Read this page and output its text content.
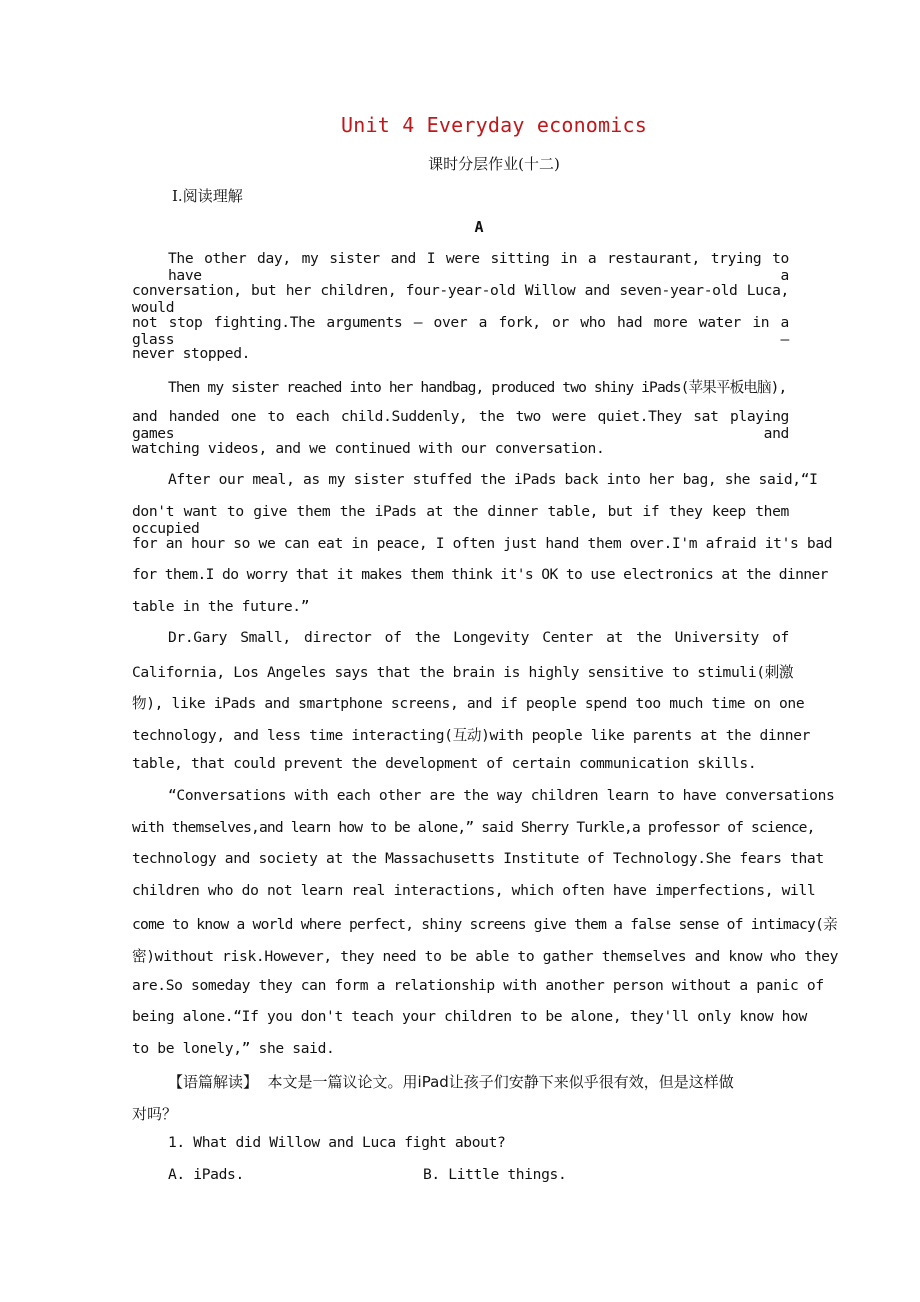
Unit 4 Everyday economics
课时分层作业(十二)
Ⅰ.阅读理解
A
The other day, my sister and I were sitting in a restaurant, trying to have a
conversation, but her children, four-year-old Willow and seven-year-old Luca, would
not stop fighting.The arguments — over a fork, or who had more water in a glass —
never stopped.
Then my sister reached into her handbag, produced two shiny iPads(苹果平板电脑),
and handed one to each child.Suddenly, the two were quiet.They sat playing games and
watching videos, and we continued with our conversation.
After our meal, as my sister stuffed the iPads back into her bag, she said,“I
don't want to give them the iPads at the dinner table, but if they keep them occupied
for an hour so we can eat in peace, I often just hand them over.I'm afraid it's bad
for them.I do worry that it makes them think it's OK to use electronics at the dinner
table in the future.”
Dr.Gary Small, director of the Longevity Center at the University of
California, Los Angeles says that the brain is highly sensitive to stimuli(刺激
物), like iPads and smartphone screens, and if people spend too much time on one
technology, and less time interacting(互动)with people like parents at the dinner
table, that could prevent the development of certain communication skills.
“Conversations with each other are the way children learn to have conversations
with themselves,and learn how to be alone,” said Sherry Turkle,a professor of science,
technology and society at the Massachusetts Institute of Technology.She fears that
children who do not learn real interactions, which often have imperfections, will
come to know a world where perfect, shiny screens give them a false sense of intimacy(亲
密)without risk.However, they need to be able to gather themselves and know who they
are.So someday they can form a relationship with another person without a panic of
being alone.“If you don't teach your children to be alone, they'll only know how
to be lonely,” she said.
【语篇解读】  本文是一篇议论文。用iPad让孩子们安静下来似乎很有效，但是这样做
对吗？
1. What did Willow and Luca fight about?
A. iPads.	B. Little things.
